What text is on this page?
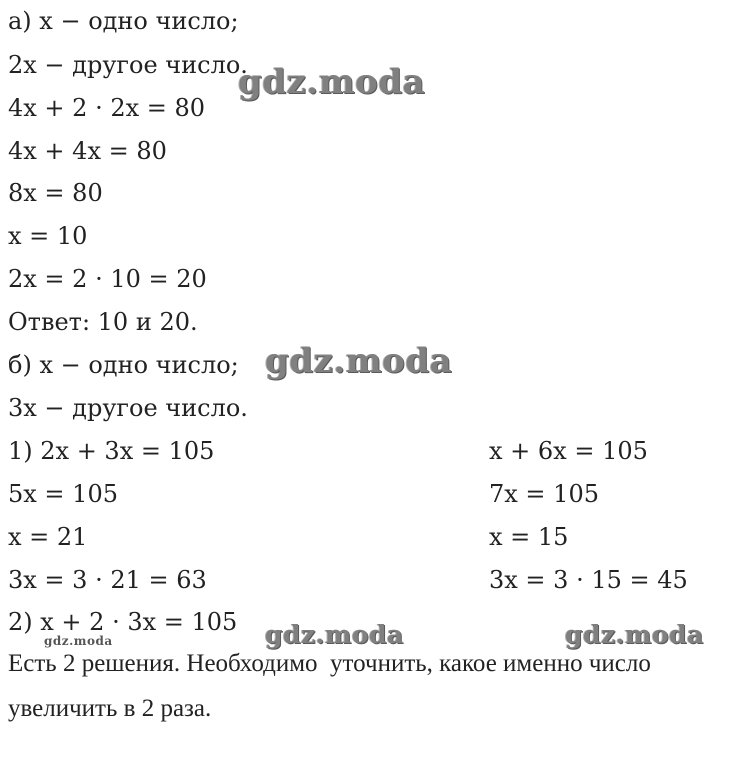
а) x − одно число;
2x − другое число.
4x + 2 · 2x = 80
4x + 4x = 80
8x = 80
x = 10
2x = 2 · 10 = 20
Ответ: 10 и 20.
б) x − одно число;
3x − другое число.
1) 2x + 3x = 105	x + 6x = 105
5x = 105	7x = 105
x = 21	x = 15
3x = 3 · 21 = 63	3x = 3 · 15 = 45
2) x + 2 · 3x = 105
Есть 2 решения. Необходимо  уточнить, какое именно число
увеличить в 2 раза.
gdz.moda
gdz.moda
gdz.moda	gdz.moda
gdz.moda
